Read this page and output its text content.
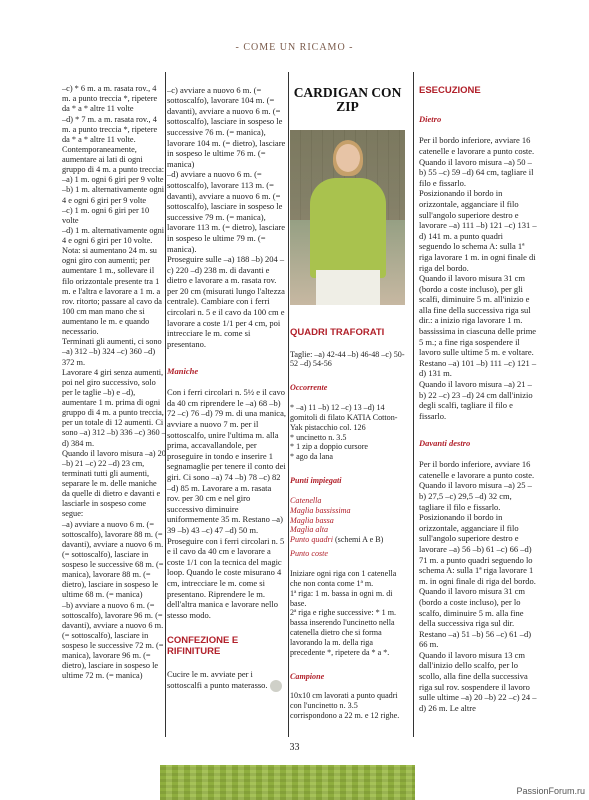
- COME UN RICAMO -

–c) * 6 m. a m. rasata rov., 4 m. a punto treccia *, ripetere da * a * altre 11 volte
–d) * 7 m. a m. rasata rov., 4 m. a punto treccia *, ripetere da * a * altre 11 volte.
Contemporaneamente, aumentare ai lati di ogni gruppo di 4 m. a punto treccia:
–a) 1 m. ogni 6 giri per 9 volte
–b) 1 m. alternativamente ogni 4 e ogni 6 giri per 9 volte
–c) 1 m. ogni 6 giri per 10 volte
–d) 1 m. alternativamente ogni 4 e ogni 6 giri per 10 volte.
Nota: si aumentano 24 m. su ogni giro con aumenti; per aumentare 1 m., sollevare il filo orizzontale presente tra 1 m. e l'altra e lavorare a 1 m. a rov. ritorto; passare al cavo da 100 cm man mano che si aumentano le m. e quando necessario.
Terminati gli aumenti, ci sono –a) 312 –b) 324 –c) 360 –d) 372 m.
Lavorare 4 giri senza aumenti, poi nel giro successivo, solo per le taglie –b) e –d), aumentare 1 m. prima di ogni gruppo di 4 m. a punto treccia, per un totale di 12 aumenti. Ci sono –a) 312 –b) 336 –c) 360 –d) 384 m.
Quando il lavoro misura –a) 20 –b) 21 –c) 22 –d) 23 cm, terminati tutti gli aumenti, separare le m. delle maniche da quelle di dietro e davanti e lasciarle in sospeso come segue:
–a) avviare a nuovo 6 m. (= sottoscalfo), lavorare 88 m. (= davanti), avviare a nuovo 6 m. (= sottoscalfo), lasciare in sospeso le successive 68 m. (= manica), lavorare 88 m. (= dietro), lasciare in sospeso le ultime 68 m. (= manica)
–b) avviare a nuovo 6 m. (= sottoscalfo), lavorare 96 m. (= davanti), avviare a nuovo 6 m. (= sottoscalfo), lasciare in sospeso le successive 72 m. (= manica), lavorare 96 m. (= dietro), lasciare in sospeso le ultime 72 m. (= manica)

–c) avviare a nuovo 6 m. (= sottoscalfo), lavorare 104 m. (= davanti), avviare a nuovo 6 m. (= sottoscalfo), lasciare in sospeso le successive 76 m. (= manica), lavorare 104 m. (= dietro), lasciare in sospeso le ultime 76 m. (= manica)
–d) avviare a nuovo 6 m. (= sottoscalfo), lavorare 113 m. (= davanti), avviare a nuovo 6 m. (= sottoscalfo), lasciare in sospeso le successive 79 m. (= manica), lavorare 113 m. (= dietro), lasciare in sospeso le ultime 79 m. (= manica).
Proseguire sulle –a) 188 –b) 204 –c) 220 –d) 238 m. di davanti e dietro e lavorare a m. rasata rov. per 20 cm (misurati lungo l'altezza centrale). Cambiare con i ferri circolari n. 5 e il cavo da 100 cm e lavorare a coste 1/1 per 4 cm, poi intrecciare le m. come si presentano.

Maniche

Con i ferri circolari n. 5½ e il cavo da 40 cm riprendere le –a) 68 –b) 72 –c) 76 –d) 79 m. di una manica, avviare a nuovo 7 m. per il sottoscalfo, unire l'ultima m. alla prima, accavallandole, per proseguire in tondo e inserire 1 segnamaglie per tenere il conto dei giri. Ci sono –a) 74 –b) 78 –c) 82 –d) 85 m. Lavorare a m. rasata rov. per 30 cm e nel giro successivo diminuire uniformemente 35 m. Restano –a) 39 –b) 43 –c) 47 –d) 50 m. Proseguire con i ferri circolari n. 5 e il cavo da 40 cm e lavorare a coste 1/1 con la tecnica del magic loop. Quando le coste misurano 4 cm, intrecciare le m. come si presentano. Riprendere le m. dell'altra manica e lavorare nello stesso modo.

CONFEZIONE E RIFINITURE

Cucire le m. avviate per i sottoscalfi a punto materasso.

CARDIGAN CON ZIP

QUADRI TRAFORATI

Taglie: –a) 42-44 –b) 46-48 –c) 50-52 –d) 54-56

Occorrente

* –a) 11 –b) 12 –c) 13 –d) 14 gomitoli di filato KATIA Cotton-Yak pistacchio col. 126
* uncinetto n. 3.5
* 1 zip a doppio cursore
* ago da lana

Punti impiegati

Catenella
Maglia bassissima
Maglia bassa
Maglia alta
Punto quadri

(schemi A e B)

Punto coste

Iniziare ogni riga con 1 catenella che non conta come 1ª m.
1ª riga: 1 m. bassa in ogni m. di base.
2ª riga e righe successive: * 1 m. bassa inserendo l'uncinetto nella catenella dietro che si forma lavorando la m. della riga precedente *, ripetere da * a *.

Campione

10x10 cm lavorati a punto quadri con l'uncinetto n. 3.5 corrispondono a 22 m. e 12 righe.

ESECUZIONE

Dietro

Per il bordo inferiore, avviare 16 catenelle e lavorare a punto coste.
Quando il lavoro misura –a) 50 –b) 55 –c) 59 –d) 64 cm, tagliare il filo e fissarlo.
Posizionando il bordo in orizzontale, agganciare il filo sull'angolo superiore destro e lavorare –a) 111 –b) 121 –c) 131 –d) 141 m. a punto quadri seguendo lo schema A: sulla 1ª riga lavorare 1 m. in ogni finale di riga del bordo.
Quando il lavoro misura 31 cm (bordo a coste incluso), per gli scalfi, diminuire 5 m. all'inizio e alla fine della successiva riga sul dir.: a inizio riga lavorare 1 m. bassissima in ciascuna delle prime 5 m.; a fine riga sospendere il lavoro sulle ultime 5 m. e voltare. Restano –a) 101 –b) 111 –c) 121 –d) 131 m.
Quando il lavoro misura –a) 21 –b) 22 –c) 23 –d) 24 cm dall'inizio degli scalfi, tagliare il filo e fissarlo.

Davanti destro

Per il bordo inferiore, avviare 16 catenelle e lavorare a punto coste.
Quando il lavoro misura –a) 25 –b) 27,5 –c) 29,5 –d) 32 cm, tagliare il filo e fissarlo.
Posizionando il bordo in orizzontale, agganciare il filo sull'angolo superiore destro e lavorare –a) 56 –b) 61 –c) 66 –d) 71 m. a punto quadri seguendo lo schema A: sulla 1ª riga lavorare 1 m. in ogni finale di riga del bordo.
Quando il lavoro misura 31 cm (bordo a coste incluso), per lo scalfo, diminuire 5 m. alla fine della successiva riga sul dir. Restano –a) 51 –b) 56 –c) 61 –d) 66 m.
Quando il lavoro misura 13 cm dall'inizio dello scalfo, per lo scollo, alla fine della successiva riga sul rov. sospendere il lavoro sulle ultime –a) 20 –b) 22 –c) 24 –d) 26 m. Le altre

33
PassionForum.ru
